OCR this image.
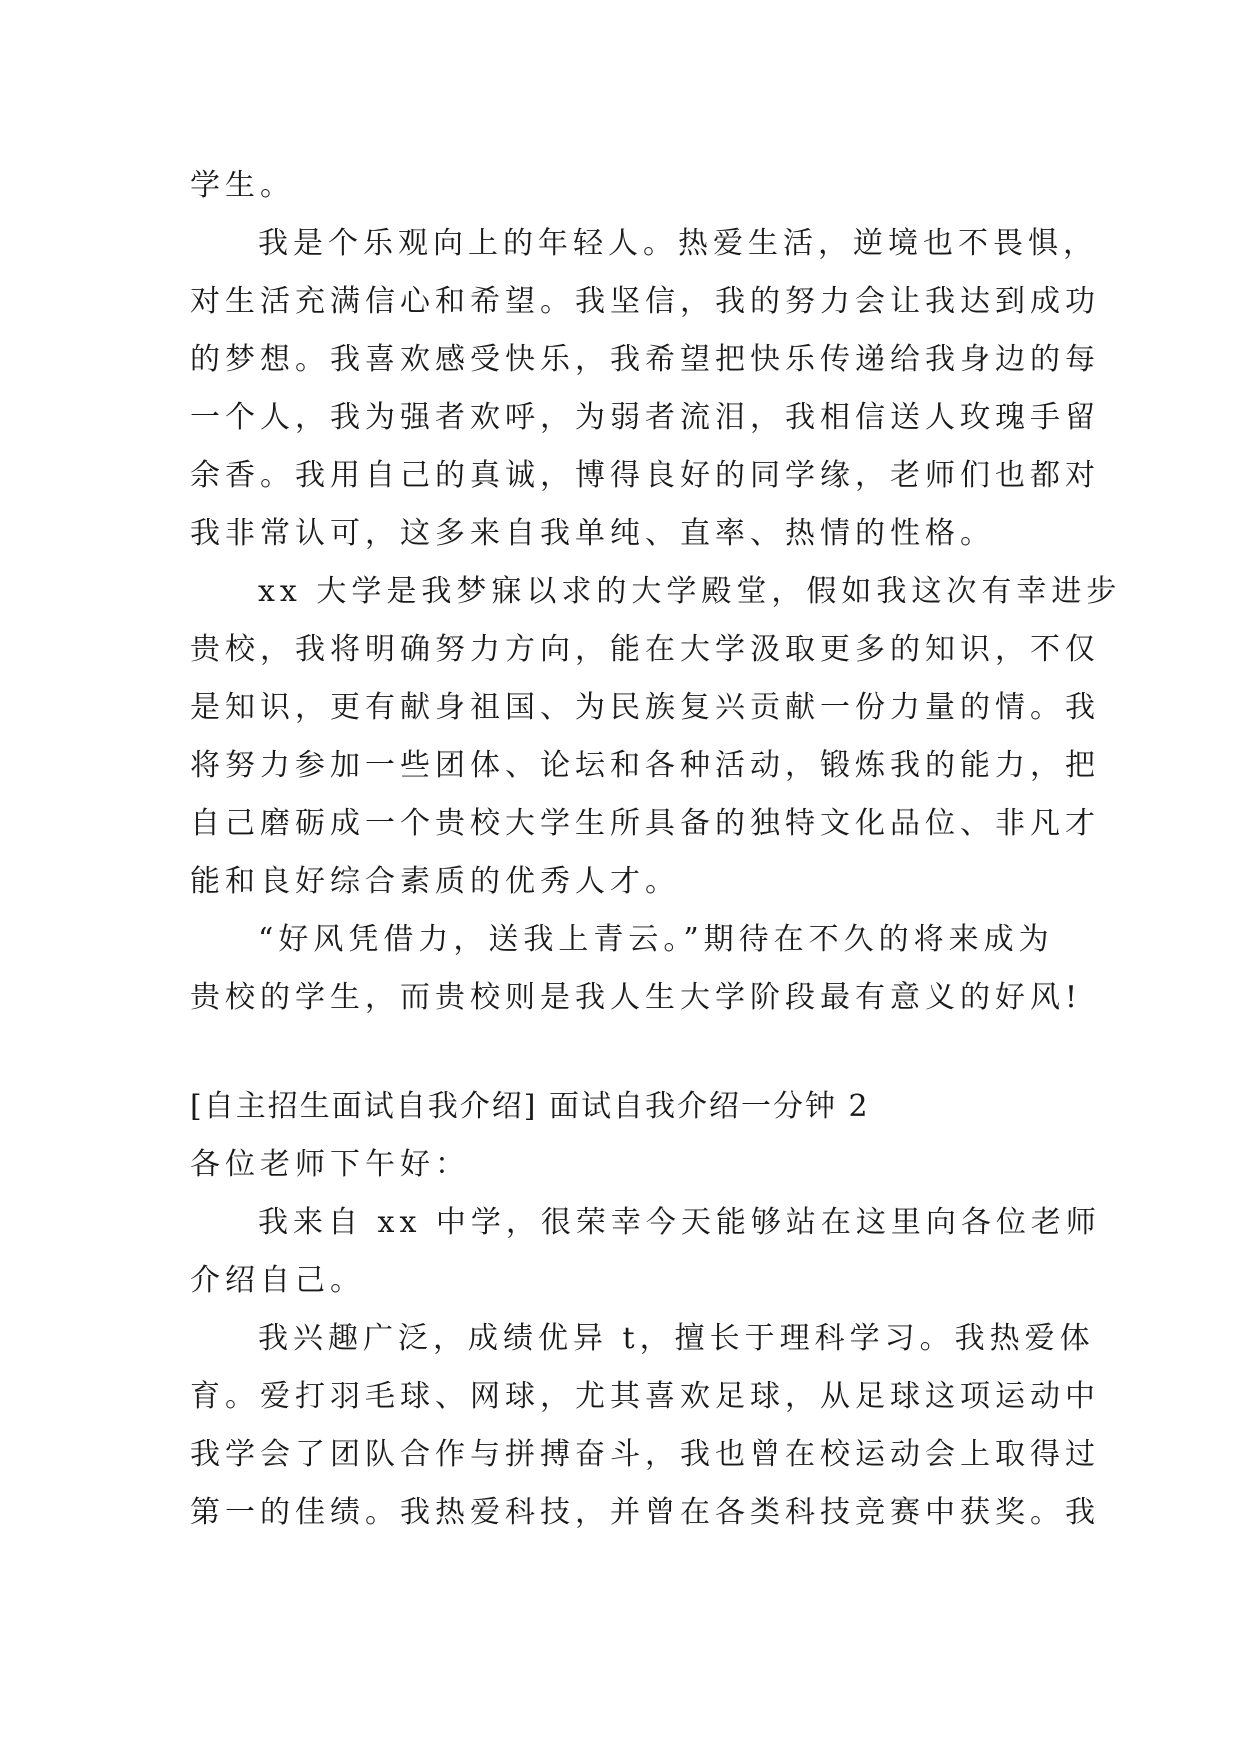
学生。
我是个乐观向上的年轻人。热爱生活，逆境也不畏惧，
对生活充满信心和希望。我坚信，我的努力会让我达到成功
的梦想。我喜欢感受快乐，我希望把快乐传递给我身边的每
一个人，我为强者欢呼，为弱者流泪，我相信送人玫瑰手留
余香。我用自己的真诚，博得良好的同学缘，老师们也都对
我非常认可，这多来自我单纯、直率、热情的性格。
xx 大学是我梦寐以求的大学殿堂，假如我这次有幸进步
贵校，我将明确努力方向，能在大学汲取更多的知识，不仅
是知识，更有献身祖国、为民族复兴贡献一份力量的情。我
将努力参加一些团体、论坛和各种活动，锻炼我的能力，把
自己磨砺成一个贵校大学生所具备的独特文化品位、非凡才
能和良好综合素质的优秀人才。
“好风凭借力，送我上青云。”期待在不久的将来成为
贵校的学生，而贵校则是我人生大学阶段最有意义的好风!
[自主招生面试自我介绍] 面试自我介绍一分钟 2
各位老师下午好：
我来自 xx 中学，很荣幸今天能够站在这里向各位老师
介绍自己。
我兴趣广泛，成绩优异 t，擅长于理科学习。我热爱体
育。爱打羽毛球、网球，尤其喜欢足球，从足球这项运动中
我学会了团队合作与拼搏奋斗，我也曾在校运动会上取得过
第一的佳绩。我热爱科技，并曾在各类科技竞赛中获奖。我
